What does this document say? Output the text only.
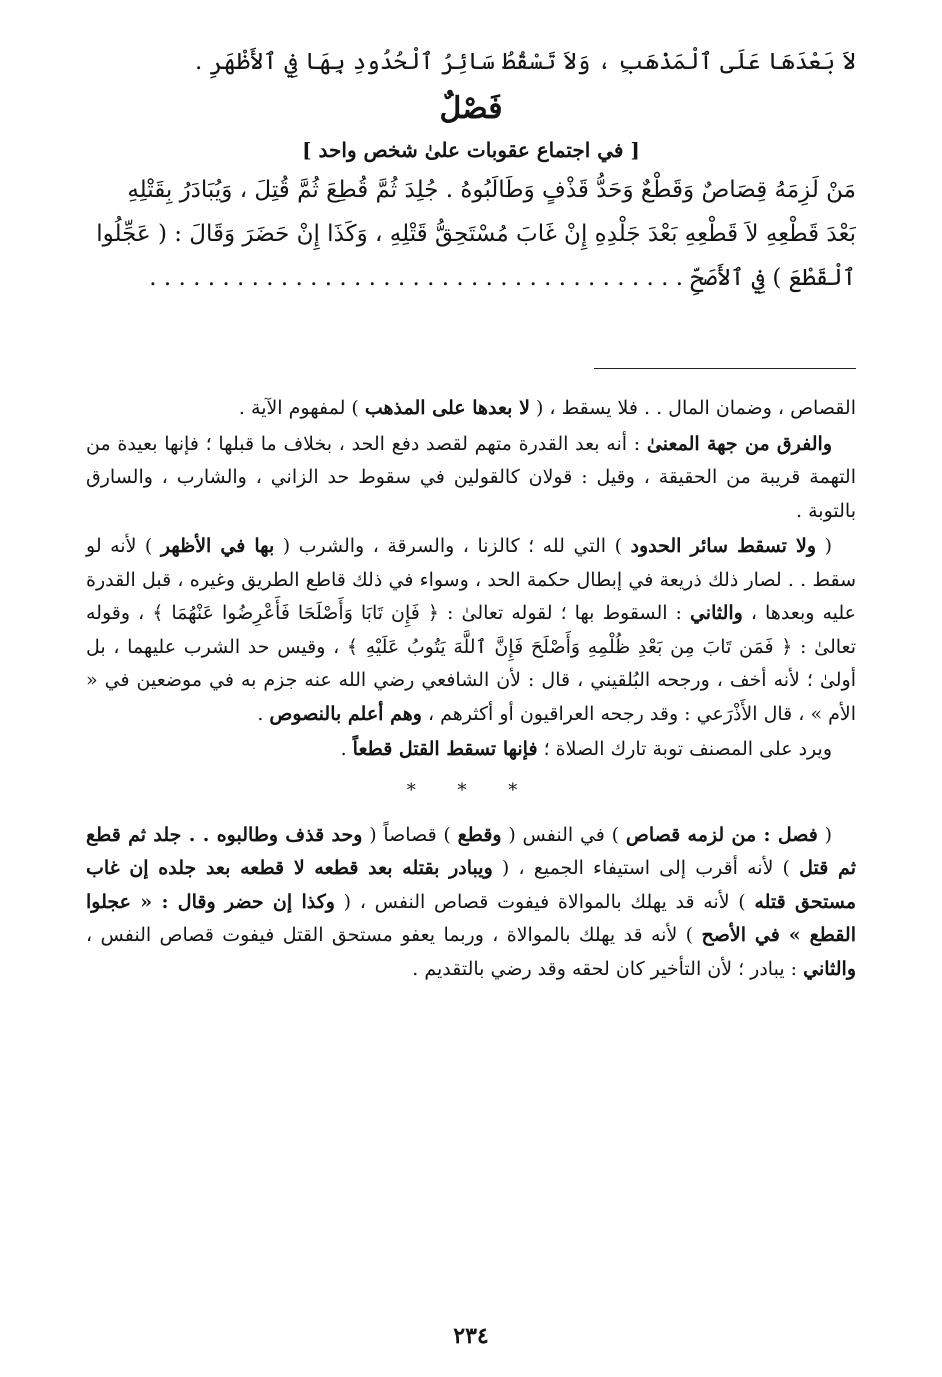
لاَ بَعْدَهَا عَلَى ٱلْمَذْهَبِ ، وَلاَ تَسْقُطُ سَائِرُ ٱلْحُدُودِ بِهَا فِي ٱلأَظْهَرِ .
فَصْلٌ
[ في اجتماع عقوبات علىٰ شخص واحد ]
مَنْ لَزِمَهُ قِصَاصٌ وَقَطْعٌ وَحَدُّ قَذْفٍ وَطَالَبُوهُ . جُلِدَ ثُمَّ قُطِعَ ثُمَّ قُتِلَ ، وَيُبَادَرُ بِقَتْلِهِ
بَعْدَ قَطْعِهِ لاَ قَطْعِهِ بَعْدَ جَلْدِهِ إِنْ غَابَ مُسْتَحِقُّ قَتْلِهِ ، وَكَذَا إِنْ حَضَرَ وَقَالَ : ( عَجِّلُوا
ٱلْقَطْعَ ) فِي ٱلأَصَحِّ . . . . . . . . . . . . . . . . . . . . . . . . . . . . . . . . . . . . .

القصاص ، وضمان المال . . فلا يسقط ، ( لا بعدها على المذهب ) لمفهوم الآية .

والفرق من جهة المعنىٰ : أنه بعد القدرة متهم لقصد دفع الحد ، بخلاف ما قبلها ؛ فإنها بعيدة من التهمة قريبة من الحقيقة ، وقيل : قولان كالقولين في سقوط حد الزاني ، والشارب ، والسارق بالتوبة .

( ولا تسقط سائر الحدود ) التي لله ؛ كالزنا ، والسرقة ، والشرب ( بها في الأظهر ) لأنه لو سقط . . لصار ذلك ذريعة في إبطال حكمة الحد ، وسواء في ذلك قاطع الطريق وغيره ، قبل القدرة عليه وبعدها ، والثاني : السقوط بها ؛ لقوله تعالىٰ : ﴿ فَإِن تَابَا وَأَصْلَحَا فَأَعْرِضُوا عَنْهُمَا ﴾ ، وقوله تعالىٰ : ﴿ فَمَن تَابَ مِن بَعْدِ ظُلْمِهِ وَأَصْلَحَ فَإِنَّ ٱللَّهَ يَتُوبُ عَلَيْهِ ﴾ ، وقيس حد الشرب عليهما ، بل أولىٰ ؛ لأنه أخف ، ورجحه البُلقيني ، قال : لأن الشافعي رضي الله عنه جزم به في موضعين في « الأم » ، قال الأَذْرَعي : وقد رجحه العراقيون أو أكثرهم ، وهم أعلم بالنصوص .

ويرد على المصنف توبة تارك الصلاة ؛ فإنها تسقط القتل قطعاً .

* * *

( فصل : من لزمه قصاص ) في النفس ( وقطع ) قصاصاً ( وحد قذف وطالبوه . . جلد ثم قطع ثم قتل ) لأنه أقرب إلى استيفاء الجميع ، ( ويبادر بقتله بعد قطعه لا قطعه بعد جلده إن غاب مستحق قتله ) لأنه قد يهلك بالموالاة فيفوت قصاص النفس ، ( وكذا إن حضر وقال : « عجلوا القطع » في الأصح ) لأنه قد يهلك بالموالاة ، وربما يعفو مستحق القتل فيفوت قصاص النفس ، والثاني : يبادر ؛ لأن التأخير كان لحقه وقد رضي بالتقديم .

٢٣٤
